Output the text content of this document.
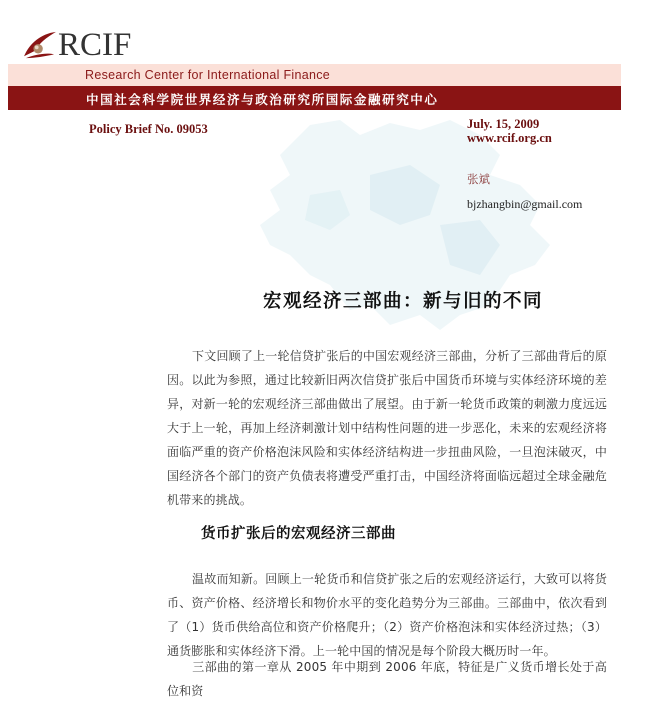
RCIF
Research Center for International Finance
中国社会科学院世界经济与政治研究所国际金融研究中心
Policy Brief No. 09053	July. 15, 2009
www.rcif.org.cn
张斌
bjzhangbin@gmail.com
宏观经济三部曲：新与旧的不同
下文回顾了上一轮信贷扩张后的中国宏观经济三部曲，分析了三部曲背后的原因。以此为参照，通过比较新旧两次信贷扩张后中国货币环境与实体经济环境的差异，对新一轮的宏观经济三部曲做出了展望。由于新一轮货币政策的刺激力度远远大于上一轮，再加上经济刺激计划中结构性问题的进一步恶化，未来的宏观经济将面临严重的资产价格泡沫风险和实体经济结构进一步扭曲风险，一旦泡沫破灭，中国经济各个部门的资产负债表将遭受严重打击，中国经济将面临远超过全球金融危机带来的挑战。
货币扩张后的宏观经济三部曲
温故而知新。回顾上一轮货币和信贷扩张之后的宏观经济运行，大致可以将货币、资产价格、经济增长和物价水平的变化趋势分为三部曲。三部曲中，依次看到了（1）货币供给高位和资产价格爬升；（2）资产价格泡沫和实体经济过热；（3）通货膨胀和实体经济下滑。上一轮中国的情况是每个阶段大概历时一年。
三部曲的第一章从 2005 年中期到 2006 年底，特征是广义货币增长处于高位和资
